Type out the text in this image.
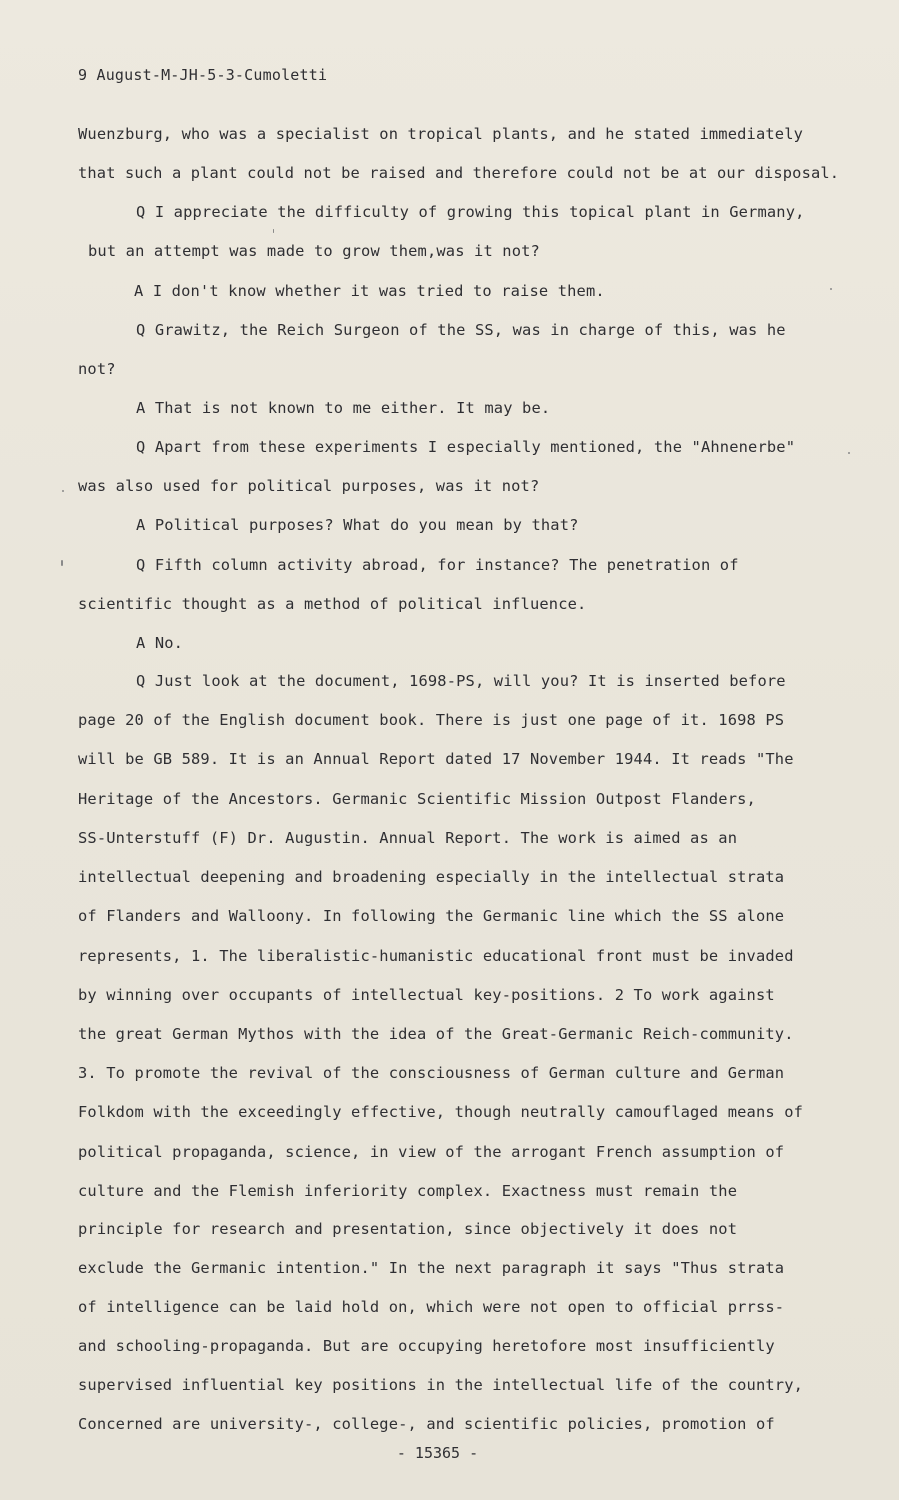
9 August-M-JH-5-3-Cumoletti
Wuenzburg, who was a specialist on tropical plants, and he stated immediately
that such a plant could not be raised and therefore could not be at our disposal.
Q I appreciate the difficulty of growing this topical plant in Germany,
but an attempt was made to grow them,was it not?
A I don't know whether it was tried to raise them.
Q Grawitz, the Reich Surgeon of the SS, was in charge of this, was he
not?
A That is not known to me either. It may be.
Q Apart from these experiments I especially mentioned, the "Ahnenerbe"
was also used for political purposes, was it not?
A Political purposes? What do you mean by that?
Q Fifth column activity abroad, for instance? The penetration of
scientific thought as a method of political influence.
A No.
Q Just look at the document, 1698-PS, will you? It is inserted before
page 20 of the English document book. There is just one page of it. 1698 PS
will be GB 589. It is an Annual Report dated 17 November 1944. It reads "The
Heritage of the Ancestors. Germanic Scientific Mission Outpost Flanders,
SS-Unterstuff (F) Dr. Augustin. Annual Report. The work is aimed as an
intellectual deepening and broadening especially in the intellectual strata
of Flanders and Walloony. In following the Germanic line which the SS alone
represents, 1. The liberalistic-humanistic educational front must be invaded
by winning over occupants of intellectual key-positions. 2 To work against
the great German Mythos with the idea of the Great-Germanic Reich-community.
3. To promote the revival of the consciousness of German culture and German
Folkdom with the exceedingly effective, though neutrally camouflaged means of
political propaganda, science, in view of the arrogant French assumption of
culture and the Flemish inferiority complex. Exactness must remain the
principle for research and presentation, since objectively it does not
exclude the Germanic intention." In the next paragraph it says "Thus strata
of intelligence can be laid hold on, which were not open to official prrss-
and schooling-propaganda. But are occupying heretofore most insufficiently
supervised influential key positions in the intellectual life of the country,
Concerned are university-, college-, and scientific policies, promotion of
- 15365 -
